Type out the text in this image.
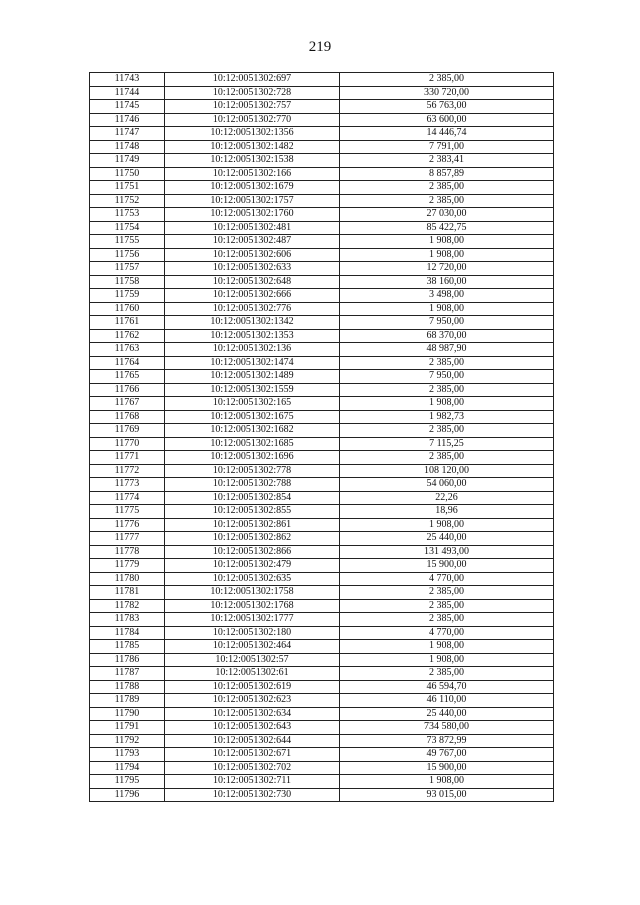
219
11743	10:12:0051302:697	2 385,00
11744	10:12:0051302:728	330 720,00
11745	10:12:0051302:757	56 763,00
11746	10:12:0051302:770	63 600,00
11747	10:12:0051302:1356	14 446,74
11748	10:12:0051302:1482	7 791,00
11749	10:12:0051302:1538	2 383,41
11750	10:12:0051302:166	8 857,89
11751	10:12:0051302:1679	2 385,00
11752	10:12:0051302:1757	2 385,00
11753	10:12:0051302:1760	27 030,00
11754	10:12:0051302:481	85 422,75
11755	10:12:0051302:487	1 908,00
11756	10:12:0051302:606	1 908,00
11757	10:12:0051302:633	12 720,00
11758	10:12:0051302:648	38 160,00
11759	10:12:0051302:666	3 498,00
11760	10:12:0051302:776	1 908,00
11761	10:12:0051302:1342	7 950,00
11762	10:12:0051302:1353	68 370,00
11763	10:12:0051302:136	48 987,90
11764	10:12:0051302:1474	2 385,00
11765	10:12:0051302:1489	7 950,00
11766	10:12:0051302:1559	2 385,00
11767	10:12:0051302:165	1 908,00
11768	10:12:0051302:1675	1 982,73
11769	10:12:0051302:1682	2 385,00
11770	10:12:0051302:1685	7 115,25
11771	10:12:0051302:1696	2 385,00
11772	10:12:0051302:778	108 120,00
11773	10:12:0051302:788	54 060,00
11774	10:12:0051302:854	22,26
11775	10:12:0051302:855	18,96
11776	10:12:0051302:861	1 908,00
11777	10:12:0051302:862	25 440,00
11778	10:12:0051302:866	131 493,00
11779	10:12:0051302:479	15 900,00
11780	10:12:0051302:635	4 770,00
11781	10:12:0051302:1758	2 385,00
11782	10:12:0051302:1768	2 385,00
11783	10:12:0051302:1777	2 385,00
11784	10:12:0051302:180	4 770,00
11785	10:12:0051302:464	1 908,00
11786	10:12:0051302:57	1 908,00
11787	10:12:0051302:61	2 385,00
11788	10:12:0051302:619	46 594,70
11789	10:12:0051302:623	46 110,00
11790	10:12:0051302:634	25 440,00
11791	10:12:0051302:643	734 580,00
11792	10:12:0051302:644	73 872,99
11793	10:12:0051302:671	49 767,00
11794	10:12:0051302:702	15 900,00
11795	10:12:0051302:711	1 908,00
11796	10:12:0051302:730	93 015,00
